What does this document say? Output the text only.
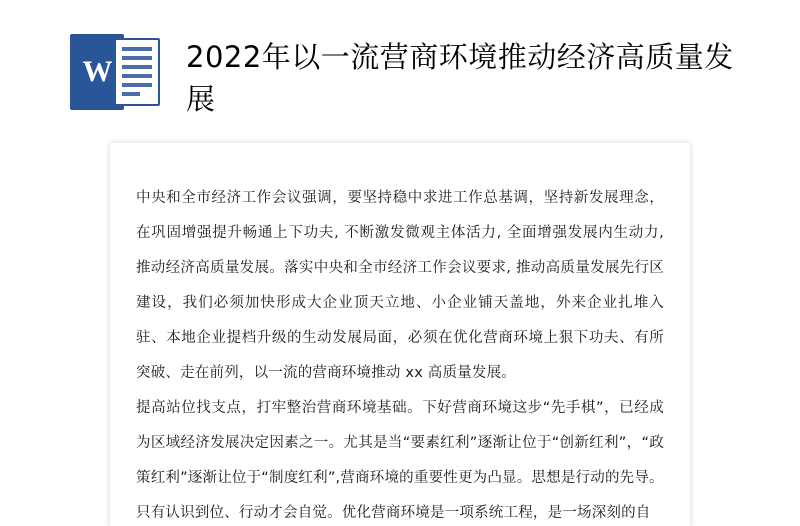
W	2022年以一流营商环境推动经济高质量发展

中央和全市经济工作会议强调，要坚持稳中求进工作总基调，坚持新发展理念，在巩固增强提升畅通上下功夫, 不断激发微观主体活力, 全面增强发展内生动力, 推动经济高质量发展。落实中央和全市经济工作会议要求, 推动高质量发展先行区建设，我们必须加快形成大企业顶天立地、小企业铺天盖地，外来企业扎堆入驻、本地企业提档升级的生动发展局面，必须在优化营商环境上狠下功夫、有所突破、走在前列，以一流的营商环境推动 xx 高质量发展。

提高站位找支点，打牢整治营商环境基础。下好营商环境这步“先手棋”，已经成为区域经济发展决定因素之一。尤其是当“要素红利”逐渐让位于“创新红利”，“政策红利”逐渐让位于“制度红利”,营商环境的重要性更为凸显。思想是行动的先导。

只有认识到位、行动才会自觉。优化营商环境是一项系统工程，是一场深刻的自
